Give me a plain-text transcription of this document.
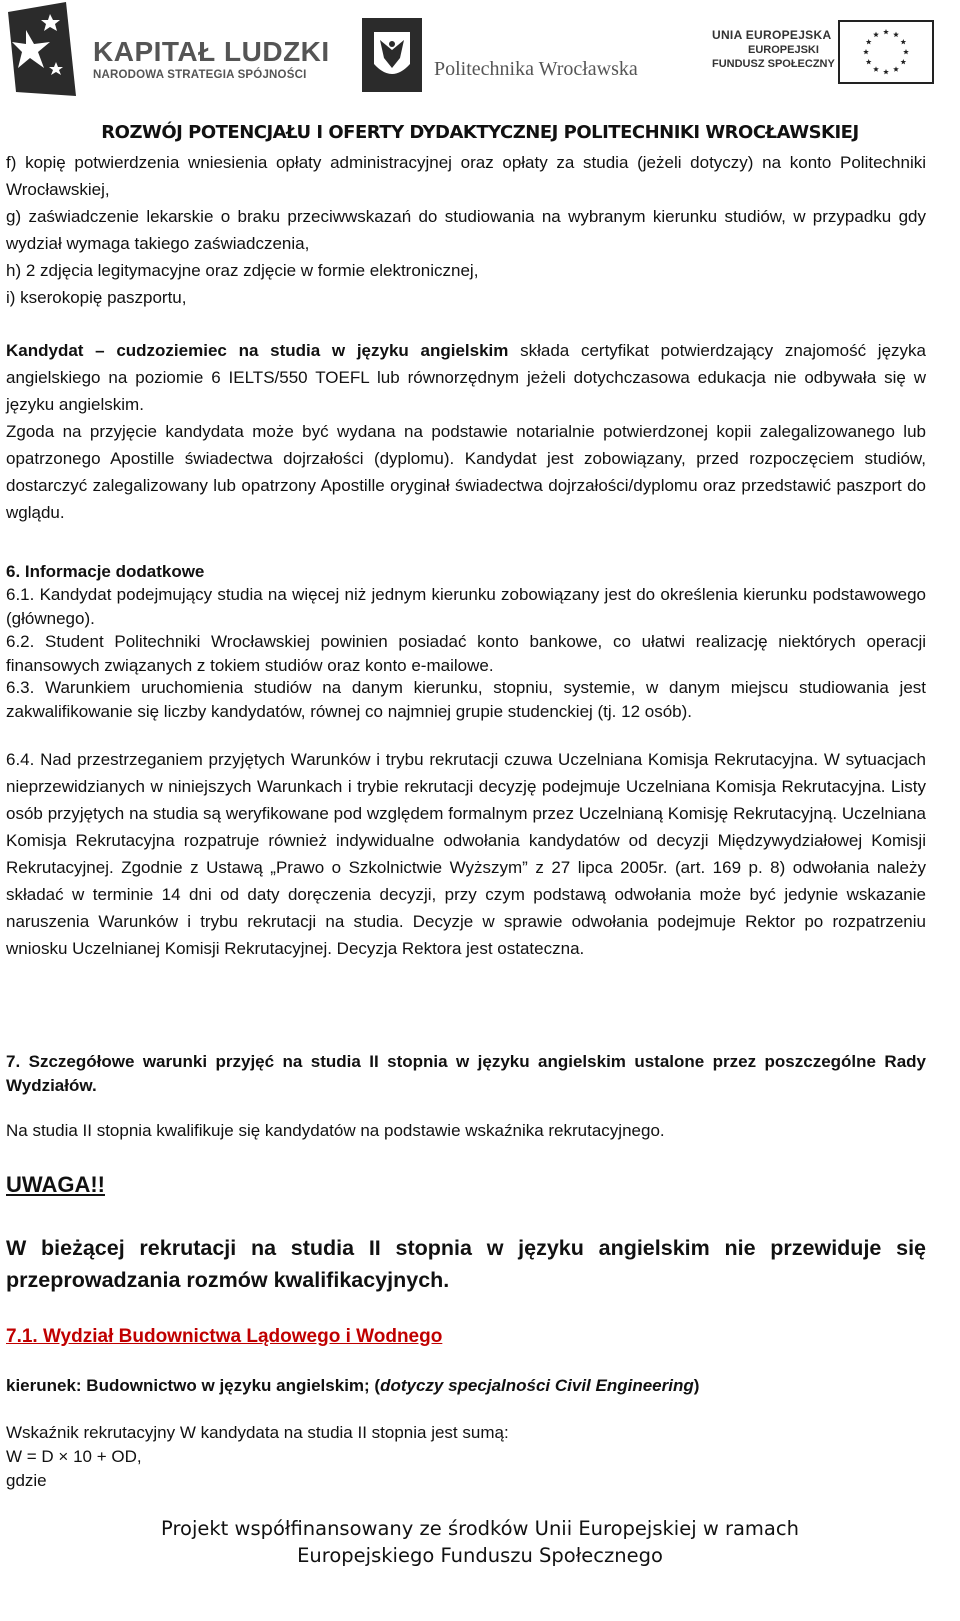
KAPITAŁ LUDZKI
NARODOWA STRATEGIA SPÓJNOŚCI	Politechnika Wrocławska
UNIA EUROPEJSKA
EUROPEJSKI
FUNDUSZ SPOŁECZNY
ROZWÓJ POTENCJAŁU I OFERTY DYDAKTYCZNEJ POLITECHNIKI WROCŁAWSKIEJ
f) kopię potwierdzenia wniesienia opłaty administracyjnej oraz opłaty za studia (jeżeli dotyczy) na konto Politechniki Wrocławskiej,
g) zaświadczenie lekarskie o braku przeciwwskazań do studiowania na wybranym kierunku studiów, w przypadku gdy wydział wymaga takiego zaświadczenia,
h) 2 zdjęcia legitymacyjne oraz zdjęcie w formie elektronicznej,
i) kserokopię paszportu,
Kandydat – cudzoziemiec na studia w języku angielskim składa certyfikat potwierdzający znajomość języka angielskiego na poziomie 6 IELTS/550 TOEFL lub równorzędnym jeżeli dotychczasowa edukacja nie odbywała się w języku angielskim.
Zgoda na przyjęcie kandydata może być wydana na podstawie notarialnie potwierdzonej kopii zalegalizowanego lub opatrzonego Apostille świadectwa dojrzałości (dyplomu). Kandydat jest zobowiązany, przed rozpoczęciem studiów, dostarczyć zalegalizowany lub opatrzony Apostille oryginał świadectwa dojrzałości/dyplomu oraz przedstawić paszport do wglądu.
6. Informacje dodatkowe
6.1. Kandydat podejmujący studia na więcej niż jednym kierunku zobowiązany jest do określenia kierunku podstawowego (głównego).
6.2. Student Politechniki Wrocławskiej powinien posiadać konto bankowe, co ułatwi realizację niektórych operacji finansowych związanych z tokiem studiów oraz konto e-mailowe.
6.3. Warunkiem uruchomienia studiów na danym kierunku, stopniu, systemie, w danym miejscu studiowania jest zakwalifikowanie się liczby kandydatów, równej co najmniej grupie studenckiej (tj. 12 osób).
6.4. Nad przestrzeganiem przyjętych Warunków i trybu rekrutacji czuwa Uczelniana Komisja Rekrutacyjna. W sytuacjach nieprzewidzianych w niniejszych Warunkach i trybie rekrutacji decyzję podejmuje Uczelniana Komisja Rekrutacyjna. Listy osób przyjętych na studia są weryfikowane pod względem formalnym przez Uczelnianą Komisję Rekrutacyjną. Uczelniana Komisja Rekrutacyjna rozpatruje również indywidualne odwołania kandydatów od decyzji Międzywydziałowej Komisji Rekrutacyjnej. Zgodnie z Ustawą „Prawo o Szkolnictwie Wyższym” z 27 lipca 2005r. (art. 169 p. 8) odwołania należy składać w terminie 14 dni od daty doręczenia decyzji, przy czym podstawą odwołania może być jedynie wskazanie naruszenia Warunków i trybu rekrutacji na studia. Decyzje w sprawie odwołania podejmuje Rektor po rozpatrzeniu wniosku Uczelnianej Komisji Rekrutacyjnej. Decyzja Rektora jest ostateczna.
7. Szczegółowe warunki przyjęć na studia II stopnia w języku angielskim ustalone przez poszczególne Rady Wydziałów.
Na studia II stopnia kwalifikuje się kandydatów na podstawie wskaźnika rekrutacyjnego.
UWAGA!!
W bieżącej rekrutacji na studia II stopnia w języku angielskim nie przewiduje się przeprowadzania rozmów kwalifikacyjnych.
7.1. Wydział Budownictwa Lądowego i Wodnego
kierunek: Budownictwo w języku angielskim; (dotyczy specjalności Civil Engineering)
Wskaźnik rekrutacyjny W kandydata na studia II stopnia jest sumą:
W = D × 10 + OD,
gdzie
Projekt współfinansowany ze środków Unii Europejskiej w ramach
Europejskiego Funduszu Społecznego
